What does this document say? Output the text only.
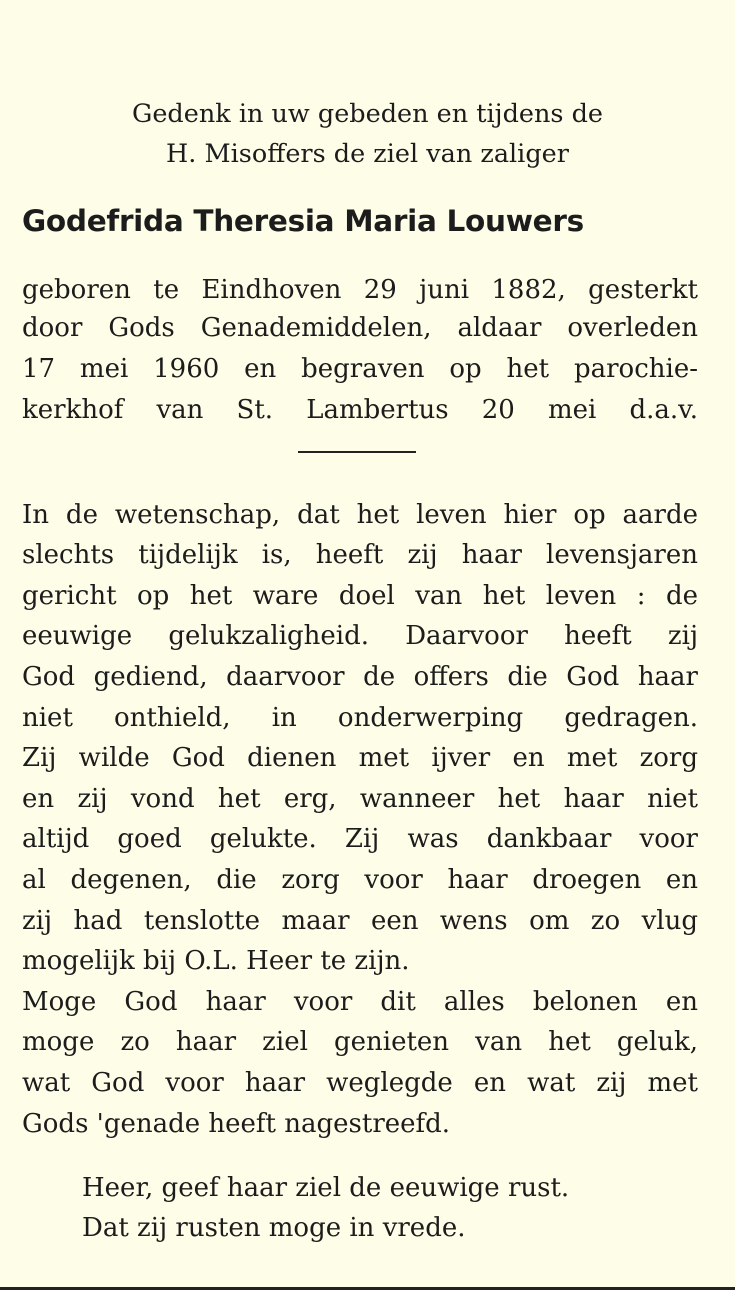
Gedenk in uw gebeden en tijdens de
H. Misoffers de ziel van zaliger
Godefrida Theresia Maria Louwers
geboren te Eindhoven 29 juni 1882, gesterkt
door Gods Genademiddelen, aldaar overleden
17 mei 1960 en begraven op het parochie-
kerkhof van St. Lambertus 20 mei d.a.v.
In de wetenschap, dat het leven hier op aarde
slechts tijdelijk is, heeft zij haar levensjaren
gericht op het ware doel van het leven : de
eeuwige gelukzaligheid. Daarvoor heeft zij
God gediend, daarvoor de offers die God haar
niet onthield, in onderwerping gedragen.
Zij wilde God dienen met ijver en met zorg
en zij vond het erg, wanneer het haar niet
altijd goed gelukte. Zij was dankbaar voor
al degenen, die zorg voor haar droegen en
zij had tenslotte maar een wens om zo vlug
mogelijk bij O.L. Heer te zijn.
Moge God haar voor dit alles belonen en
moge zo haar ziel genieten van het geluk,
wat God voor haar weglegde en wat zij met
Gods 'genade heeft nagestreefd.
Heer, geef haar ziel de eeuwige rust.
Dat zij rusten moge in vrede.
